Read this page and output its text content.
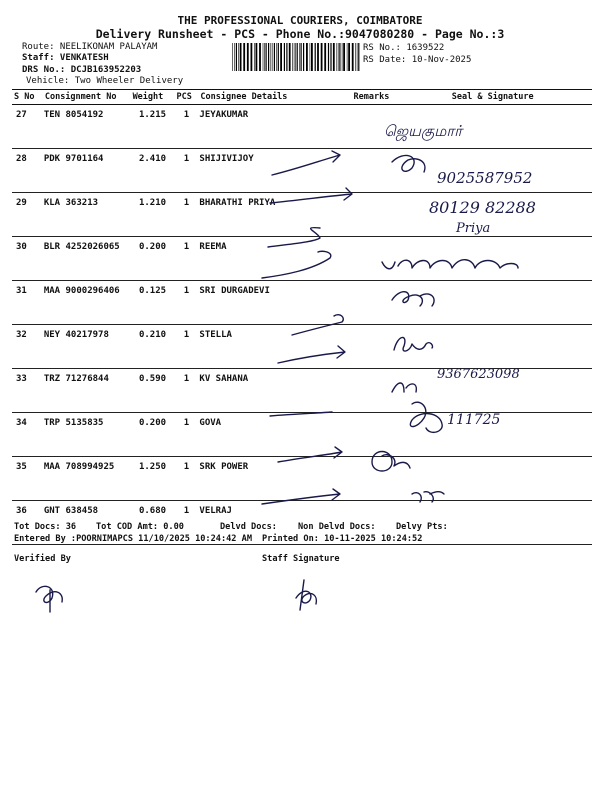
THE PROFESSIONAL COURIERS, COIMBATORE
Delivery Runsheet - PCS - Phone No.:9047080280 - Page No.:3
Route: NEELIKONAM PALAYAM
Staff: VENKATESH
DRS No.: DCJB163952203
Vehicle: Two Wheeler Delivery
RS No.: 1639522
RS Date: 10-Nov-2025
S No	Consignment No	Weight	PCS	Consignee Details	Remarks	Seal & Signature
27	TEN 8054192	1.215	1	JEYAKUMAR		
28	PDK 9701164	2.410	1	SHIJIVIJOY		
29	KLA 363213	1.210	1	BHARATHI PRIYA		
30	BLR 4252026065	0.200	1	REEMA		
31	MAA 9000296406	0.125	1	SRI DURGADEVI		
32	NEY 40217978	0.210	1	STELLA		
33	TRZ 71276844	0.590	1	KV SAHANA		
34	TRP 5135835	0.200	1	GOVA		
35	MAA 708994925	1.250	1	SRK POWER		
36	GNT 638458	0.680	1	VELRAJ		
ஜெயகுமார்
9025587952
80129 82288
Priya
9367623098
111725
Tot Docs: 36 Tot COD Amt: 0.00	Delvd Docs: Non Delvd Docs: Delvy Pts:
Entered By :POORNIMAPCS 11/10/2025 10:24:42 AM Printed On: 10-11-2025 10:24:52
Verified By	Staff Signature
